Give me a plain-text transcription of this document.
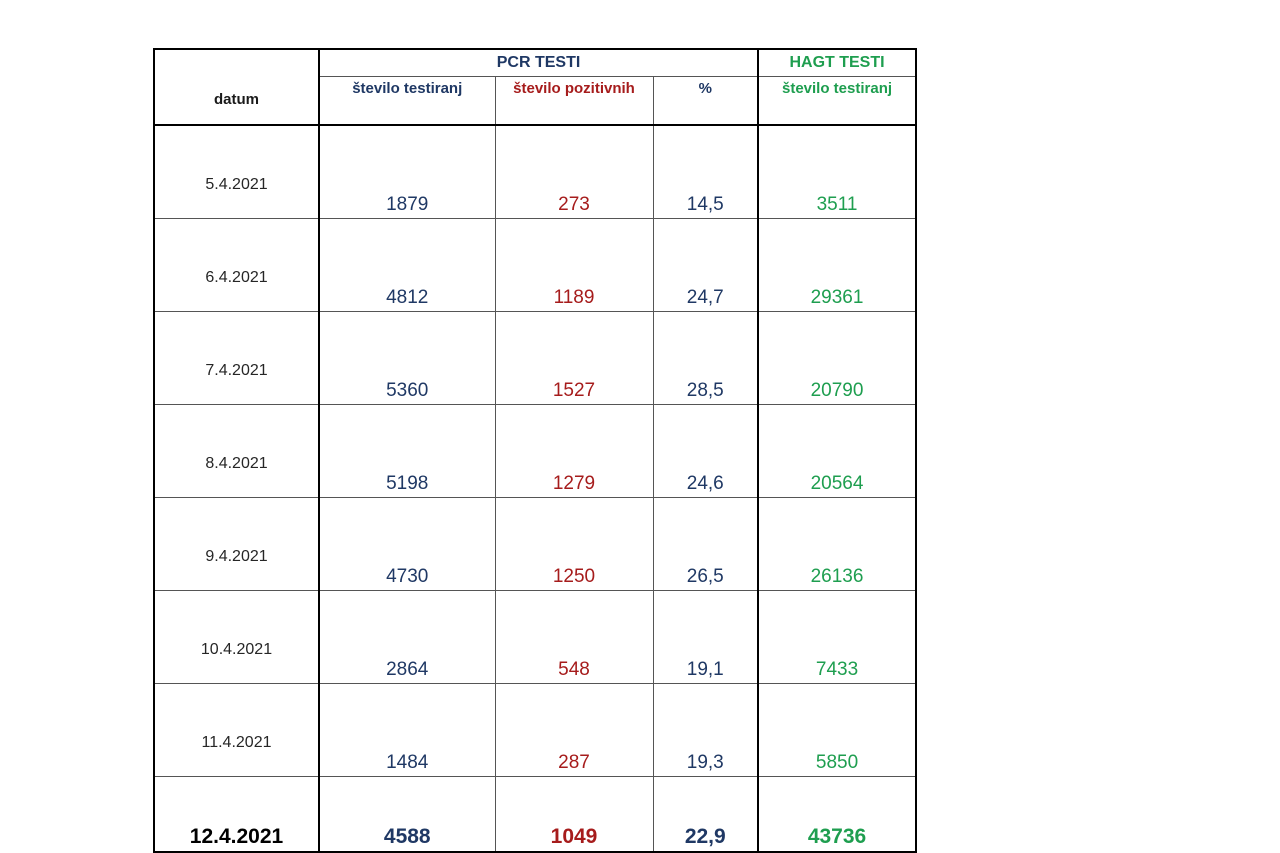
datum	PCR TESTI			HAGT TESTI
	število testiranj	število pozitivnih	%	število testiranj
5.4.2021	1879	273	14,5	3511
6.4.2021	4812	1189	24,7	29361
7.4.2021	5360	1527	28,5	20790
8.4.2021	5198	1279	24,6	20564
9.4.2021	4730	1250	26,5	26136
10.4.2021	2864	548	19,1	7433
11.4.2021	1484	287	19,3	5850
12.4.2021	4588	1049	22,9	43736
